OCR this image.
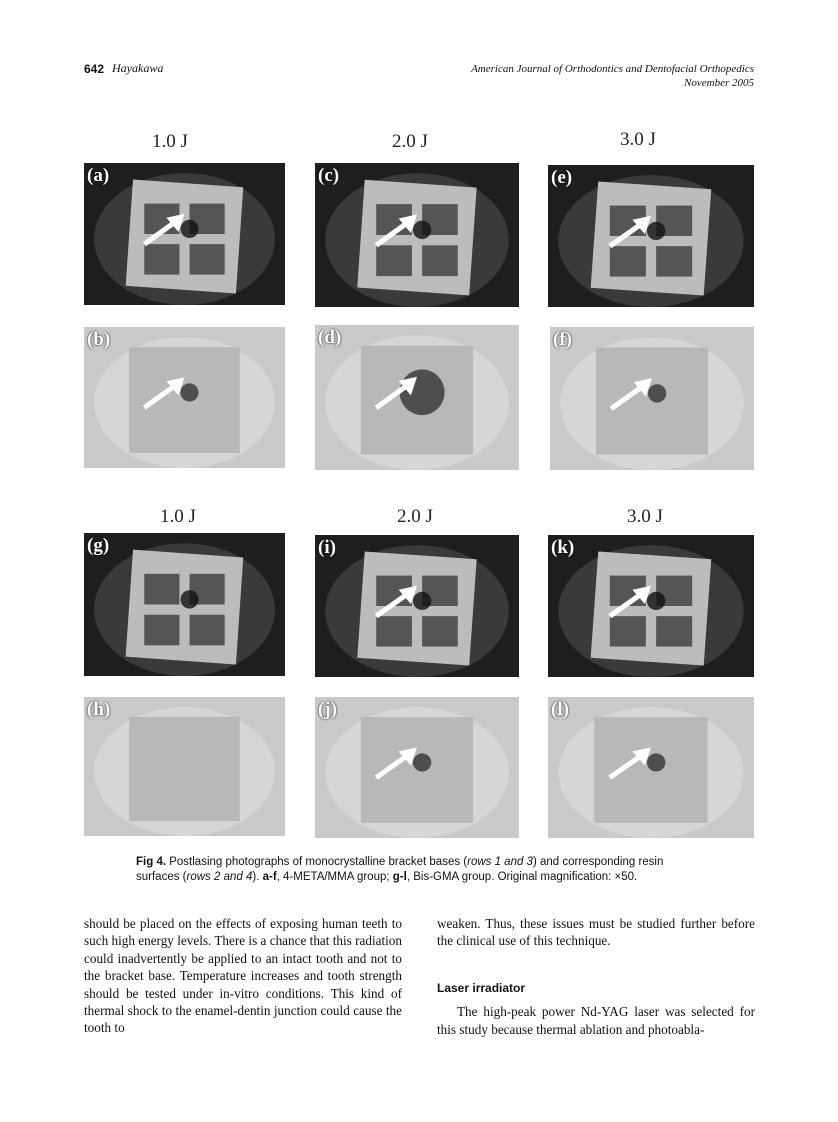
642 Hayakawa	American Journal of Orthodontics and Dentofacial Orthopedics
November 2005
1.0 J	2.0 J	3.0 J
1.0 J	2.0 J	3.0 J
(a)	(c)	(e)
(b)	(d)	(f)
(g)	(i)	(k)
(h)	(j)	(l)
Fig 4. Postlasing photographs of monocrystalline bracket bases (rows 1 and 3) and corresponding resin surfaces (rows 2 and 4). a-f, 4-META/MMA group; g-l, Bis-GMA group. Original magnification: ×50.

should be placed on the effects of exposing human teeth to such high energy levels. There is a chance that this radiation could inadvertently be applied to an intact tooth and not to the bracket base. Temperature increases and tooth strength should be tested under in-vitro conditions. This kind of thermal shock to the enamel-dentin junction could cause the tooth to

weaken. Thus, these issues must be studied further before the clinical use of this technique.

Laser irradiator

The high-peak power Nd-YAG laser was selected for this study because thermal ablation and photoabla-
